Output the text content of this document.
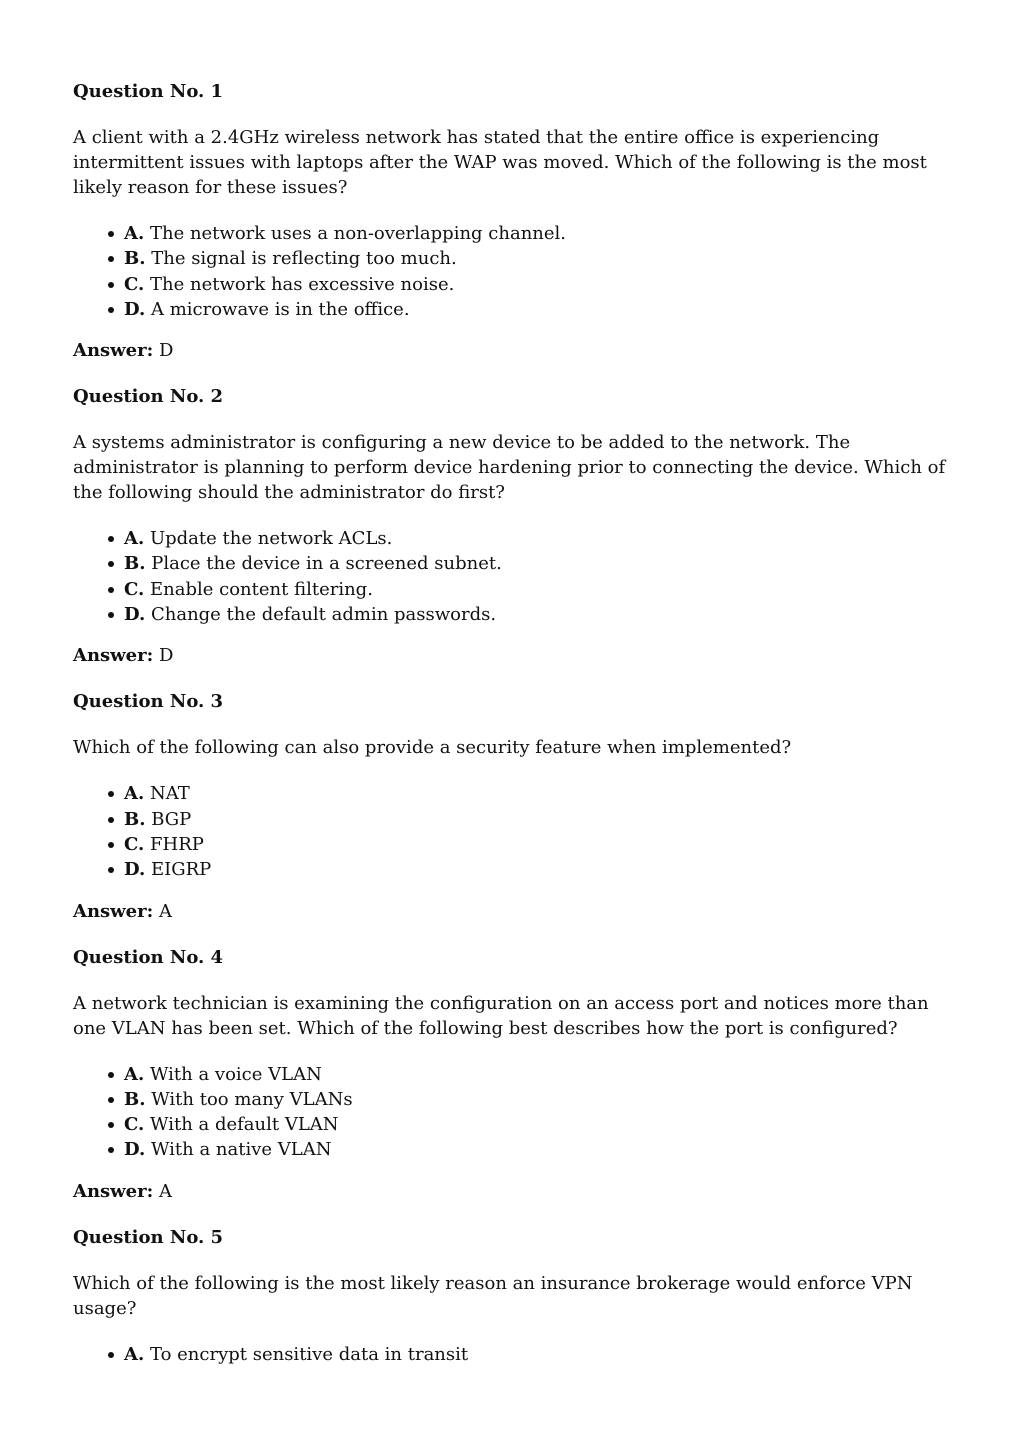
Question No. 1

A client with a 2.4GHz wireless network has stated that the entire office is experiencing intermittent issues with laptops after the WAP was moved. Which of the following is the most likely reason for these issues?

A. The network uses a non-overlapping channel.
B. The signal is reflecting too much.
C. The network has excessive noise.
D. A microwave is in the office.

Answer: D

Question No. 2

A systems administrator is configuring a new device to be added to the network. The administrator is planning to perform device hardening prior to connecting the device. Which of the following should the administrator do first?

A. Update the network ACLs.
B. Place the device in a screened subnet.
C. Enable content filtering.
D. Change the default admin passwords.

Answer: D

Question No. 3

Which of the following can also provide a security feature when implemented?

A. NAT
B. BGP
C. FHRP
D. EIGRP

Answer: A

Question No. 4

A network technician is examining the configuration on an access port and notices more than one VLAN has been set. Which of the following best describes how the port is configured?

A. With a voice VLAN
B. With too many VLANs
C. With a default VLAN
D. With a native VLAN

Answer: A

Question No. 5

Which of the following is the most likely reason an insurance brokerage would enforce VPN usage?

A. To encrypt sensitive data in transit
